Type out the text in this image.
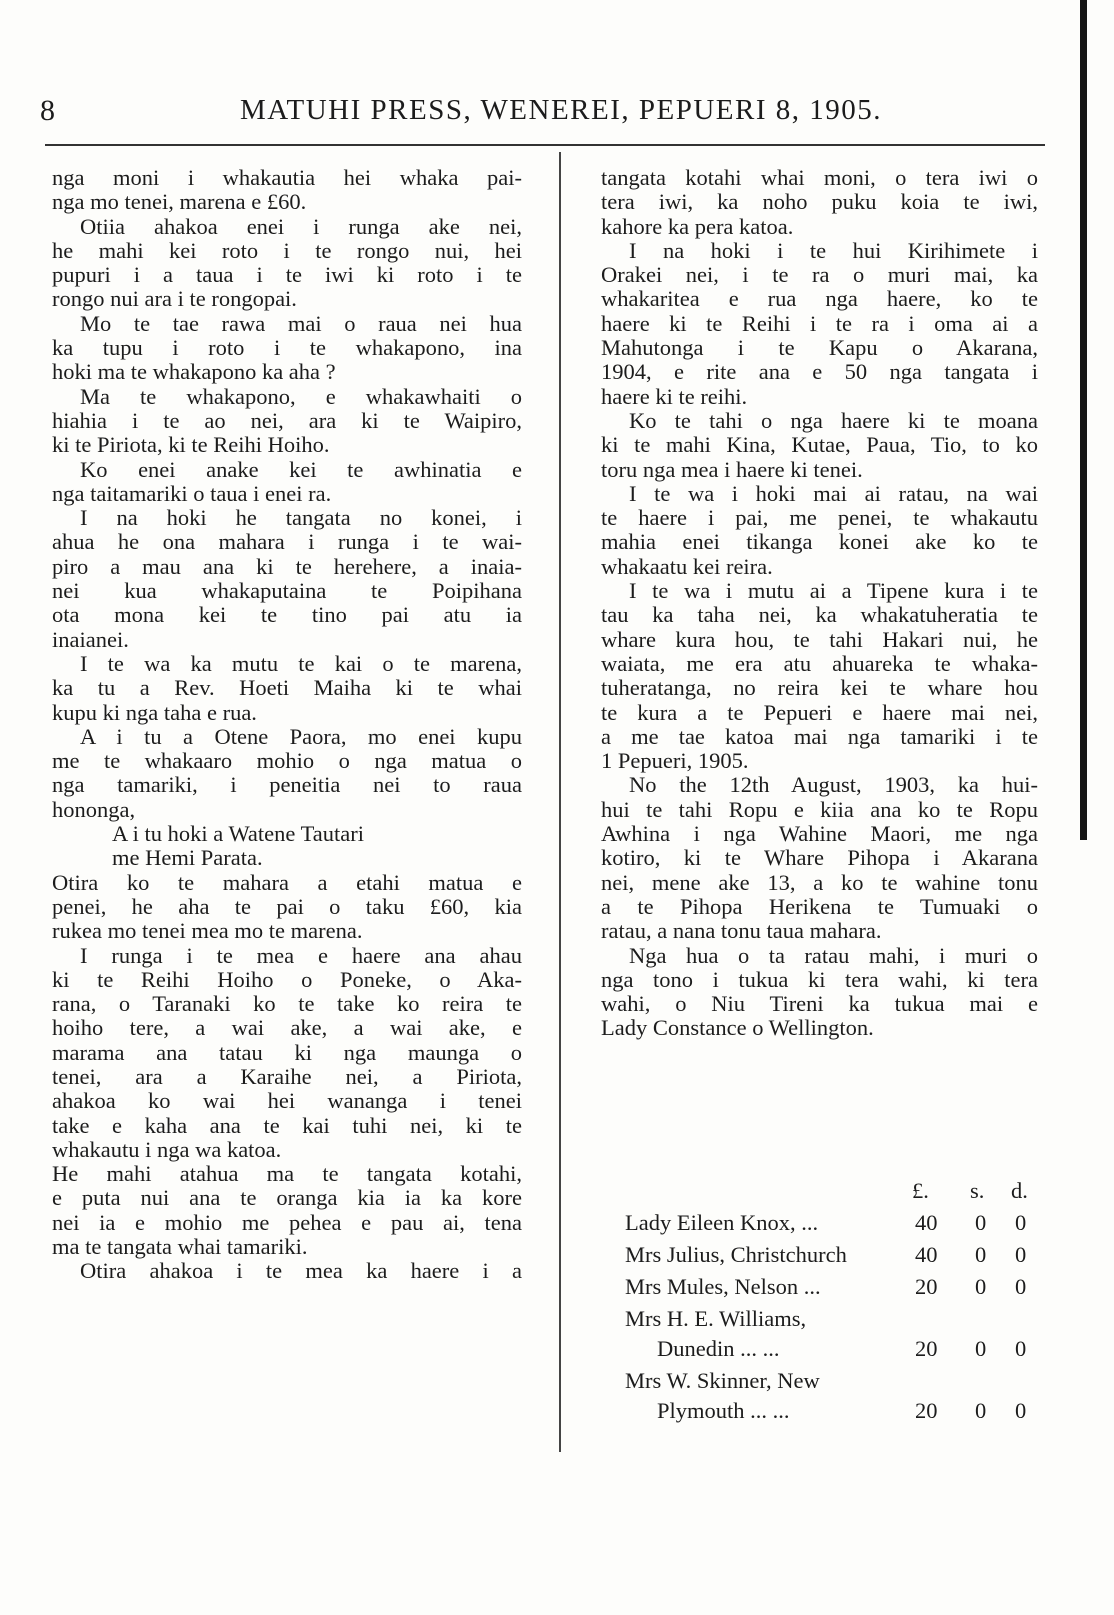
8	MATUHI PRESS, WENEREI, PEPUERI 8, 1905.
nga moni i whakautia hei whaka pai-
nga mo tenei, marena e £60.
Otiia ahakoa enei i runga ake nei,
he mahi kei roto i te rongo nui, hei
pupuri i a taua i te iwi ki roto i te
rongo nui ara i te rongopai.
Mo te tae rawa mai o raua nei hua
ka tupu i roto i te whakapono, ina
hoki ma te whakapono ka aha ?
Ma te whakapono, e whakawhaiti o
hiahia i te ao nei, ara ki te Waipiro,
ki te Piriota, ki te Reihi Hoiho.
Ko enei anake kei te awhinatia e
nga taitamariki o taua i enei ra.
I na hoki he tangata no konei, i
ahua he ona mahara i runga i te wai-
piro a mau ana ki te herehere, a inaia-
nei kua whakaputaina te Poipihana
ota mona kei te tino pai atu ia
inaianei.
I te wa ka mutu te kai o te marena,
ka tu a Rev. Hoeti Maiha ki te whai
kupu ki nga taha e rua.
A i tu a Otene Paora, mo enei kupu
me te whakaaro mohio o nga matua o
nga tamariki, i peneitia nei to raua
hononga,
A i tu hoki a Watene Tautari
me Hemi Parata.
Otira ko te mahara a etahi matua e
penei, he aha te pai o taku £60, kia
rukea mo tenei mea mo te marena.
I runga i te mea e haere ana ahau
ki te Reihi Hoiho o Poneke, o Aka-
rana, o Taranaki ko te take ko reira te
hoiho tere, a wai ake, a wai ake, e
marama ana tatau ki nga maunga o
tenei, ara a Karaihe nei, a Piriota,
ahakoa ko wai hei wananga i tenei
take e kaha ana te kai tuhi nei, ki te
whakautu i nga wa katoa.
He mahi atahua ma te tangata kotahi,
e puta nui ana te oranga kia ia ka kore
nei ia e mohio me pehea e pau ai, tena
ma te tangata whai tamariki.
Otira ahakoa i te mea ka haere i a
tangata kotahi whai moni, o tera iwi o
tera iwi, ka noho puku koia te iwi,
kahore ka pera katoa.
I na hoki i te hui Kirihimete i
Orakei nei, i te ra o muri mai, ka
whakaritea e rua nga haere, ko te
haere ki te Reihi i te ra i oma ai a
Mahutonga i te Kapu o Akarana,
1904, e rite ana e 50 nga tangata i
haere ki te reihi.
Ko te tahi o nga haere ki te moana
ki te mahi Kina, Kutae, Paua, Tio, to ko
toru nga mea i haere ki tenei.
I te wa i hoki mai ai ratau, na wai
te haere i pai, me penei, te whakautu
mahia enei tikanga konei ake ko te
whakaatu kei reira.
I te wa i mutu ai a Tipene kura i te
tau ka taha nei, ka whakatuheratia te
whare kura hou, te tahi Hakari nui, he
waiata, me era atu ahuareka te whaka-
tuheratanga, no reira kei te whare hou
te kura a te Pepueri e haere mai nei,
a me tae katoa mai nga tamariki i te
1 Pepueri, 1905.
No the 12th August, 1903, ka hui-
hui te tahi Ropu e kiia ana ko te Ropu
Awhina i nga Wahine Maori, me nga
kotiro, ki te Whare Pihopa i Akarana
nei, mene ake 13, a ko te wahine tonu
a te Pihopa Herikena te Tumuaki o
ratau, a nana tonu taua mahara.
Nga hua o ta ratau mahi, i muri o
nga tono i tukua ki tera wahi, ki tera
wahi, o Niu Tireni ka tukua mai e
Lady Constance o Wellington.
£. s. d.
Lady Eileen Knox, ...	40 0 0
Mrs Julius, Christchurch	40 0 0
Mrs Mules, Nelson ...	20 0 0
Mrs H. E. Williams,
Dunedin ... ...	20 0 0
Mrs W. Skinner, New
Plymouth ... ...	20 0 0
